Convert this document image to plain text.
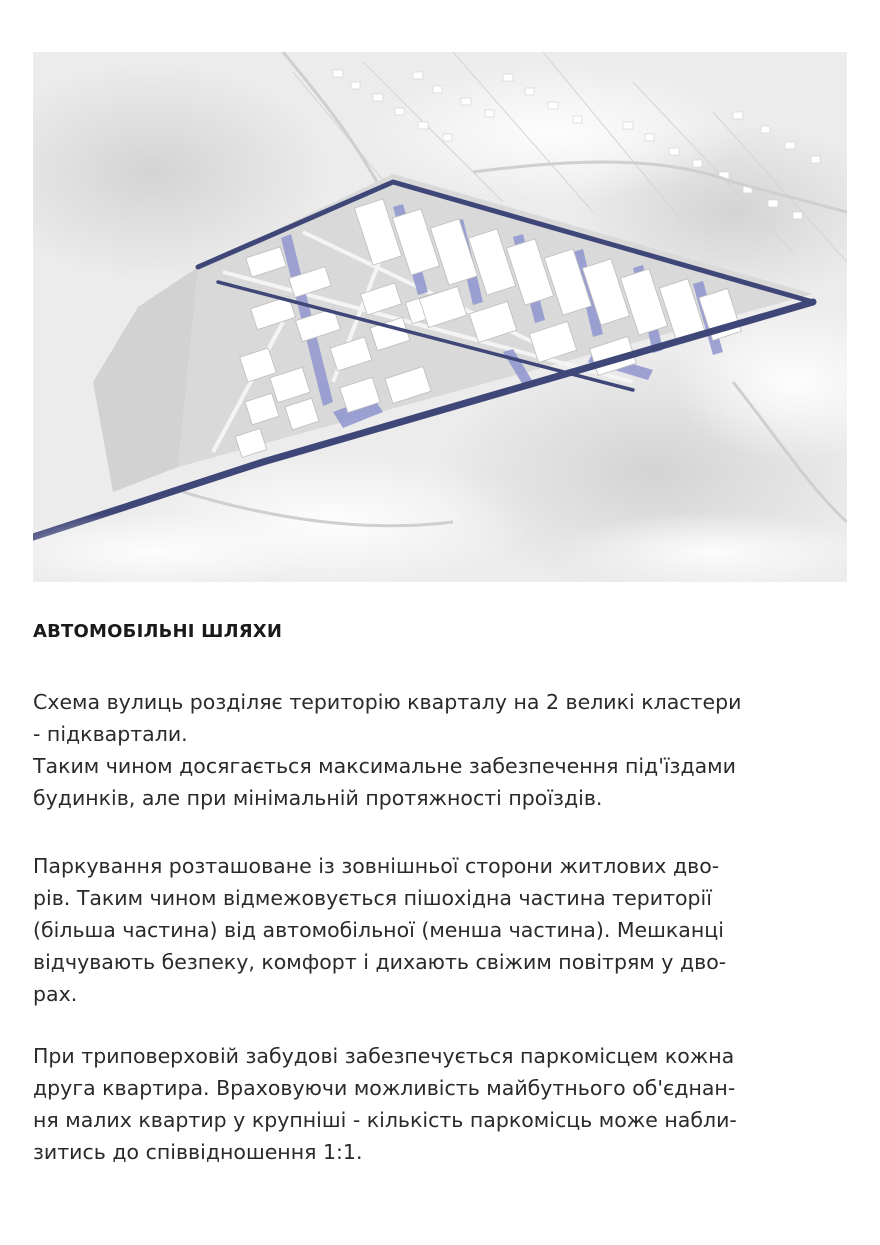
АВТОМОБІЛЬНІ ШЛЯХИ

Схема вулиць розділяє територію кварталу на 2 великі кластери
- підквартали.
Таким чином досягається максимальне забезпечення під'їздами
будинків, але при мінімальній протяжності проїздів.

Паркування розташоване із зовнішньої сторони житлових дво-
рів. Таким чином відмежовується пішохідна частина території
(більша частина) від автомобільної (менша частина). Мешканці
відчувають безпеку, комфорт і дихають свіжим повітрям у дво-
рах.

При триповерховій забудові забезпечується паркомісцем кожна
друга квартира. Враховуючи можливість майбутнього об'єднан-
ня малих квартир у крупніші - кількість паркомісць може набли-
зитись до співвідношення 1:1.
